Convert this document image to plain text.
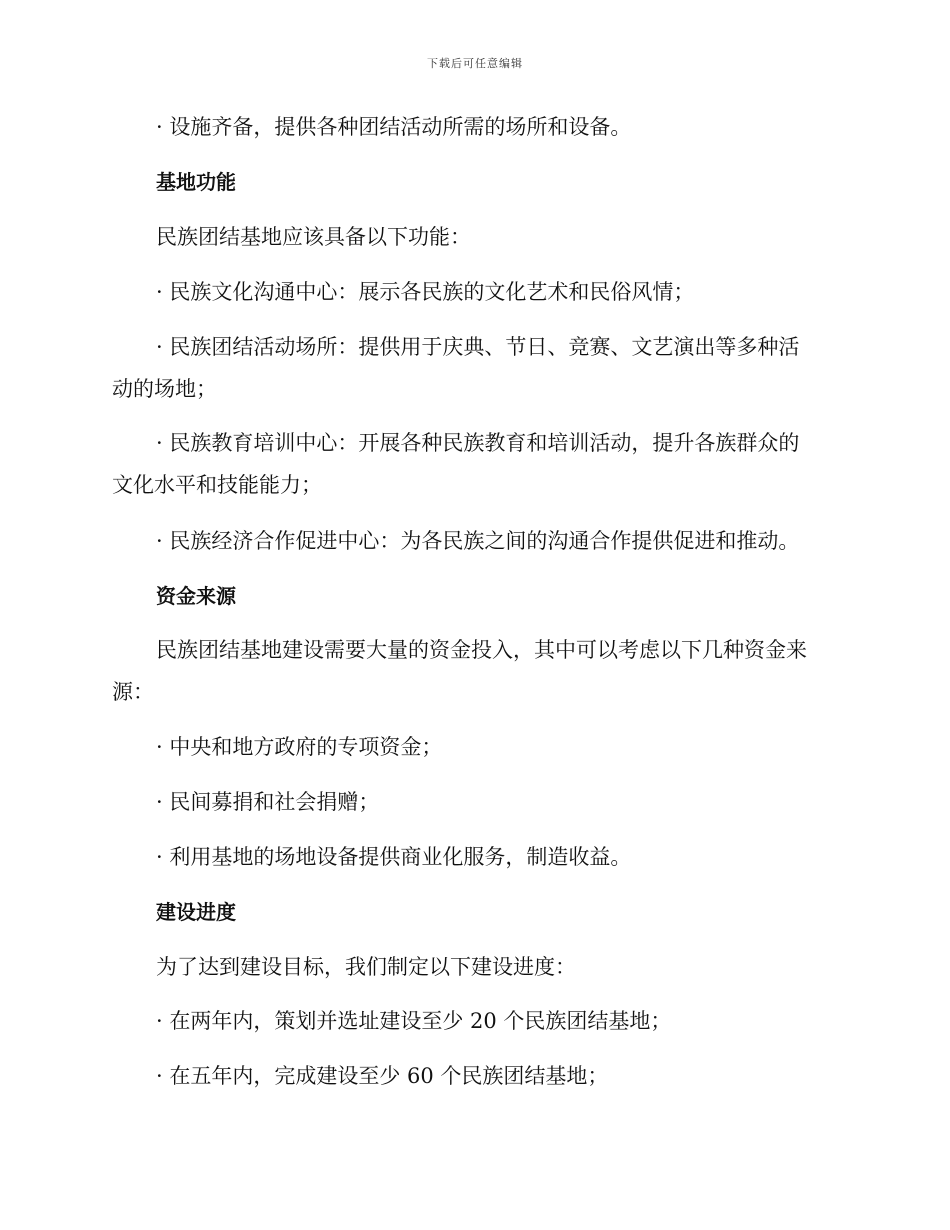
下载后可任意编辑
· 设施齐备，提供各种团结活动所需的场所和设备。
基地功能
民族团结基地应该具备以下功能：
· 民族文化沟通中心：展示各民族的文化艺术和民俗风情；
· 民族团结活动场所：提供用于庆典、节日、竞赛、文艺演出等多种活
动的场地；
· 民族教育培训中心：开展各种民族教育和培训活动，提升各族群众的
文化水平和技能能力；
· 民族经济合作促进中心：为各民族之间的沟通合作提供促进和推动。
资金来源
民族团结基地建设需要大量的资金投入，其中可以考虑以下几种资金来
源：
· 中央和地方政府的专项资金；
· 民间募捐和社会捐赠；
· 利用基地的场地设备提供商业化服务，制造收益。
建设进度
为了达到建设目标，我们制定以下建设进度：
· 在两年内，策划并选址建设至少 20 个民族团结基地；
· 在五年内，完成建设至少 60 个民族团结基地；
